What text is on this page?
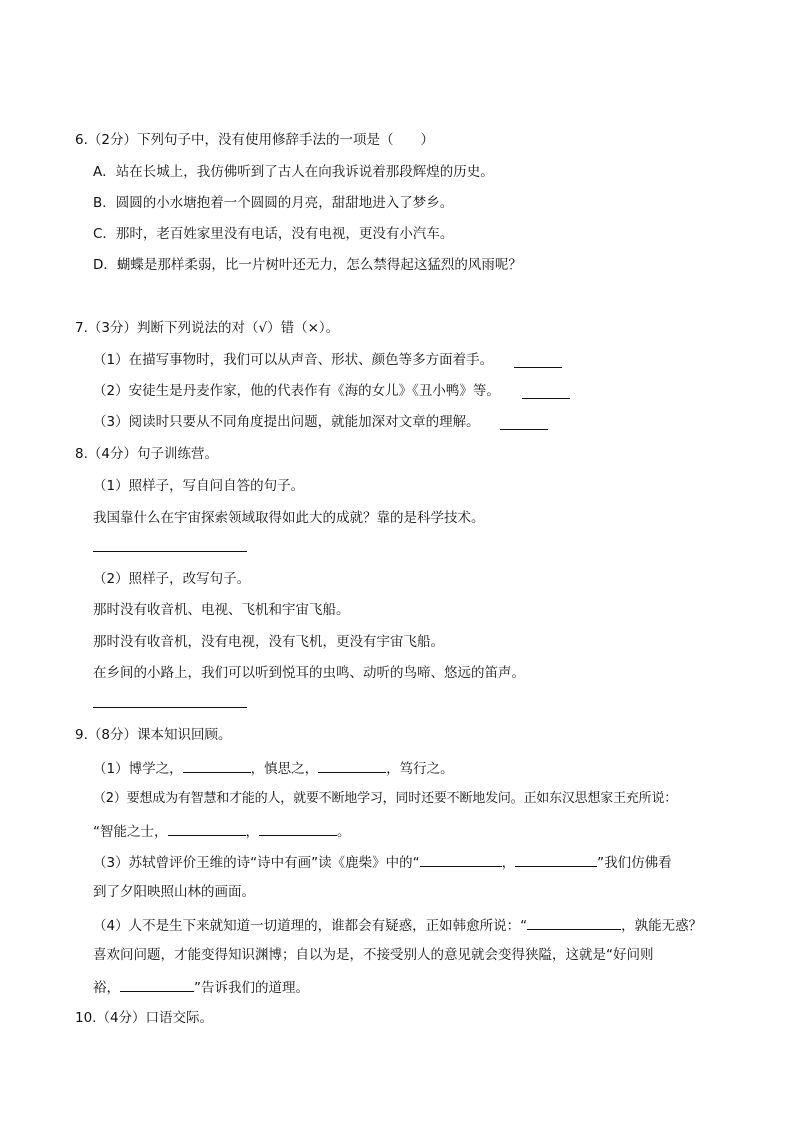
6.（2分）下列句子中，没有使用修辞手法的一项是（　　）
A．站在长城上，我仿佛听到了古人在向我诉说着那段辉煌的历史。
B．圆圆的小水塘抱着一个圆圆的月亮，甜甜地进入了梦乡。
C．那时，老百姓家里没有电话，没有电视，更没有小汽车。
D．蝴蝶是那样柔弱，比一片树叶还无力，怎么禁得起这猛烈的风雨呢？
7.（3分）判断下列说法的对（√）错（×）。
（1）在描写事物时，我们可以从声音、形状、颜色等多方面着手。
（2）安徒生是丹麦作家，他的代表作有《海的女儿》《丑小鸭》等。
（3）阅读时只要从不同角度提出问题，就能加深对文章的理解。
8.（4分）句子训练营。
（1）照样子，写自问自答的句子。
我国靠什么在宇宙探索领域取得如此大的成就？靠的是科学技术。
（2）照样子，改写句子。
那时没有收音机、电视、飞机和宇宙飞船。
那时没有收音机，没有电视，没有飞机，更没有宇宙飞船。
在乡间的小路上，我们可以听到悦耳的虫鸣、动听的鸟啼、悠远的笛声。
9.（8分）课本知识回顾。
（1）博学之，	，慎思之，	，笃行之。
（2）要想成为有智慧和才能的人，就要不断地学习，同时还要不断地发问。正如东汉思想家王充所说：
“智能之士，	，	。
（3）苏轼曾评价王维的诗“诗中有画”读《鹿柴》中的“	，	”我们仿佛看
到了夕阳映照山林的画面。
（4）人不是生下来就知道一切道理的，谁都会有疑惑，正如韩愈所说：“	，孰能无惑？
喜欢问问题，才能变得知识渊博；自以为是，不接受别人的意见就会变得狭隘，这就是“好问则
裕，	”告诉我们的道理。
10.（4分）口语交际。
